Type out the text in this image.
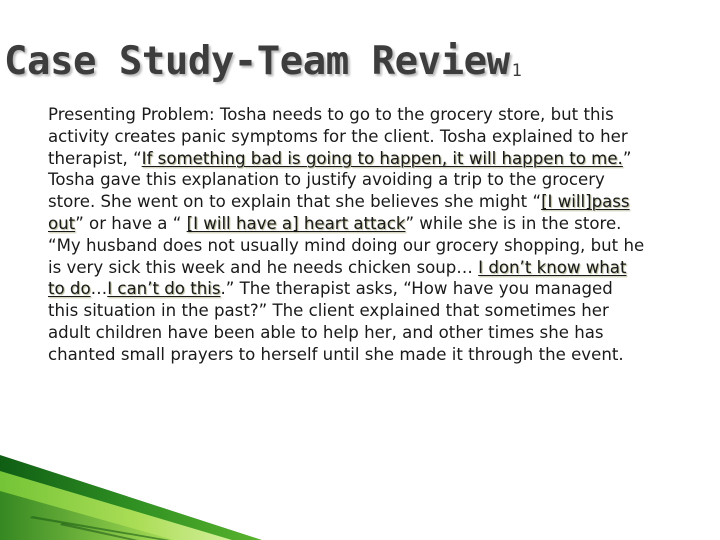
Case Study-Team Review 1

Presenting Problem: Tosha needs to go to the grocery store, but this activity creates panic symptoms for the client. Tosha explained to her therapist, “If something bad is going to happen, it will happen to me.” Tosha gave this explanation to justify avoiding a trip to the grocery store. She went on to explain that she believes she might “[I will]pass out” or have a “ [I will have a] heart attack” while she is in the store. “My husband does not usually mind doing our grocery shopping, but he is very sick this week and he needs chicken soup… I don’t know what to do…I can’t do this.” The therapist asks, “How have you managed this situation in the past?” The client explained that sometimes her adult children have been able to help her, and other times she has chanted small prayers to herself until she made it through the event.
